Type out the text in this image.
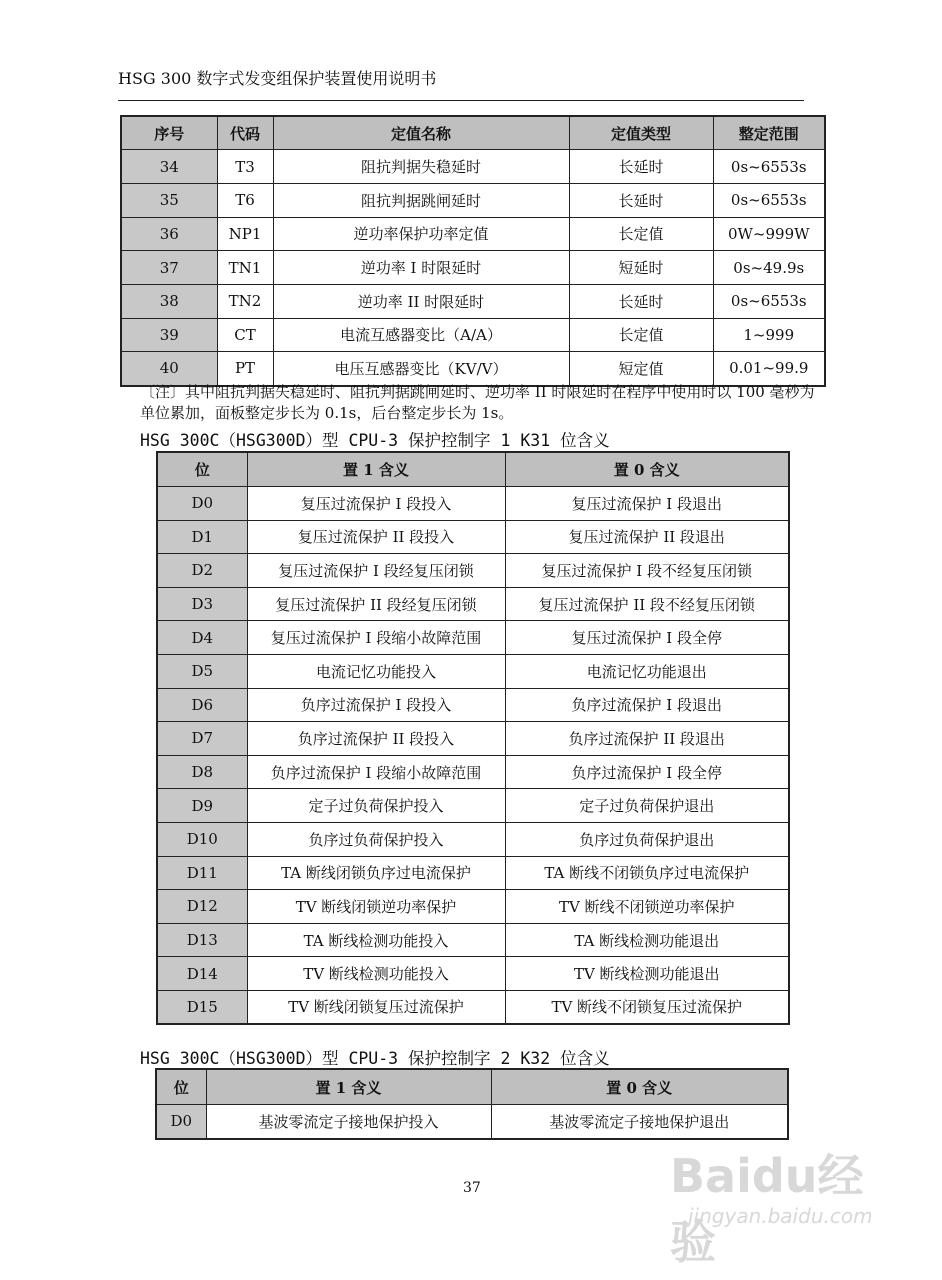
HSG 300 数字式发变组保护装置使用说明书
序号	代码	定值名称	定值类型	整定范围
34	T3	阻抗判据失稳延时	长延时	0s~6553s
35	T6	阻抗判据跳闸延时	长延时	0s~6553s
36	NP1	逆功率保护功率定值	长定值	0W~999W
37	TN1	逆功率 I 时限延时	短延时	0s~49.9s
38	TN2	逆功率 II 时限延时	长延时	0s~6553s
39	CT	电流互感器变比（A/A）	长定值	1~999
40	PT	电压互感器变比（KV/V）	短定值	0.01~99.9
〔注〕其中阻抗判据失稳延时、阻抗判据跳闸延时、逆功率 II 时限延时在程序中使用时以 100 毫秒为单位累加，面板整定步长为 0.1s，后台整定步长为 1s。
HSG 300C（HSG300D）型 CPU-3 保护控制字 1 K31 位含义
位	置 1 含义	置 0 含义
D0	复压过流保护 I 段投入	复压过流保护 I 段退出
D1	复压过流保护 II 段投入	复压过流保护 II 段退出
D2	复压过流保护 I 段经复压闭锁	复压过流保护 I 段不经复压闭锁
D3	复压过流保护 II 段经复压闭锁	复压过流保护 II 段不经复压闭锁
D4	复压过流保护 I 段缩小故障范围	复压过流保护 I 段全停
D5	电流记忆功能投入	电流记忆功能退出
D6	负序过流保护 I 段投入	负序过流保护 I 段退出
D7	负序过流保护 II 段投入	负序过流保护 II 段退出
D8	负序过流保护 I 段缩小故障范围	负序过流保护 I 段全停
D9	定子过负荷保护投入	定子过负荷保护退出
D10	负序过负荷保护投入	负序过负荷保护退出
D11	TA 断线闭锁负序过电流保护	TA 断线不闭锁负序过电流保护
D12	TV 断线闭锁逆功率保护	TV 断线不闭锁逆功率保护
D13	TA 断线检测功能投入	TA 断线检测功能退出
D14	TV 断线检测功能投入	TV 断线检测功能退出
D15	TV 断线闭锁复压过流保护	TV 断线不闭锁复压过流保护
HSG 300C（HSG300D）型 CPU-3 保护控制字 2 K32 位含义
位	置 1 含义	置 0 含义
D0	基波零流定子接地保护投入	基波零流定子接地保护退出
37	Baidu经验
jingyan.baidu.com
